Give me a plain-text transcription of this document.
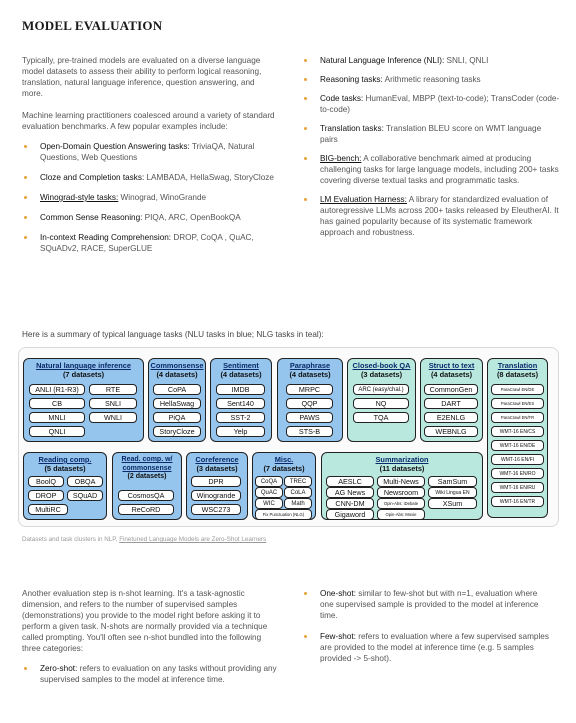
MODEL EVALUATION

Typically, pre-trained models are evaluated on a diverse language model datasets to assess their ability to perform logical reasoning, translation, natural language inference, question answering, and more.

Machine learning practitioners coalesced around a variety of standard evaluation benchmarks. A few popular examples include:

Open-Domain Question Answering tasks: TriviaQA, Natural Questions, Web Questions
Cloze and Completion tasks: LAMBADA, HellaSwag, StoryCloze
Winograd-style tasks: Winograd, WinoGrande
Common Sense Reasoning: PIQA, ARC, OpenBookQA
In-context Reading Comprehension: DROP, CoQA , QuAC, SQuADv2, RACE, SuperGLUE
Natural Language Inference (NLI): SNLI, QNLI
Reasoning tasks: Arithmetic reasoning tasks
Code tasks: HumanEval, MBPP (text-to-code); TransCoder (code-to-code)
Translation tasks: Translation BLEU score on WMT language pairs
BIG-bench: A collaborative benchmark aimed at producing challenging tasks for large language models, including 200+ tasks covering diverse textual tasks and programmatic tasks.
LM Evaluation Harness: A library for standardized evaluation of autoregressive LLMs across 200+ tasks released by EleutherAI. It has gained popularity because of its systematic framework approach and robustness.
Here is a summary of typical language tasks (NLU tasks in blue; NLG tasks in teal):
Natural language inference
(7 datasets)
ANLI (R1-R3)	RTE
CB	SNLI
MNLI	WNLI
QNLI
Commonsense
(4 datasets)
CoPA
HellaSwag
PiQA
StoryCloze
Sentiment
(4 datasets)
IMDB
Sent140
SST-2
Yelp
Paraphrase
(4 datasets)
MRPC
QQP
PAWS
STS-B
Closed-book QA
(3 datasets)
ARC (easy/chal.)
NQ
TQA
Struct to text
(4 datasets)
CommonGen
DART
E2ENLG
WEBNLG
Translation
(8 datasets)
ParaCrawl EN/DE
ParaCrawl EN/ES
ParaCrawl EN/FR
WMT-16 EN/CS
WMT-16 EN/DE
WMT-16 EN/FI
WMT-16 EN/RO
WMT-16 EN/RU
WMT-16 EN/TR
Reading comp.
(5 datasets)
BoolQ	OBQA
DROP	SQuAD
MultiRC
Read. comp. w/ commonsense
(2 datasets)
CosmosQA
ReCoRD
Coreference
(3 datasets)
DPR
Winogrande
WSC273
Misc.
(7 datasets)
CoQA	TREC
QuAC	CoLA
WIC	Math
Fix Punctuation (NLG)
Summarization
(11 datasets)
AESLC	Multi-News	SamSum
AG News	Newsroom	Wiki Lingua EN
CNN-DM	Opin-Abs: iDebate	XSum
Gigaword	Opin-Abs: Movie
Datasets and task clusters in NLP, Finetuned Language Models are Zero-Shot Learners

Another evaluation step is n-shot learning. It's a task-agnostic dimension, and refers to the number of supervised samples (demonstrations) you provide to the model right before asking it to perform a given task. N-shots are normally provided via a technique called prompting. You'll often see n-shot bundled into the following three categories:

Zero-shot: refers to evaluation on any tasks without providing any supervised samples to the model at inference time.
One-shot: similar to few-shot but with n=1, evaluation where one supervised sample is provided to the model at inference time.
Few-shot: refers to evaluation where a few supervised samples are provided to the model at inference time (e.g. 5 samples provided -> 5-shot).
